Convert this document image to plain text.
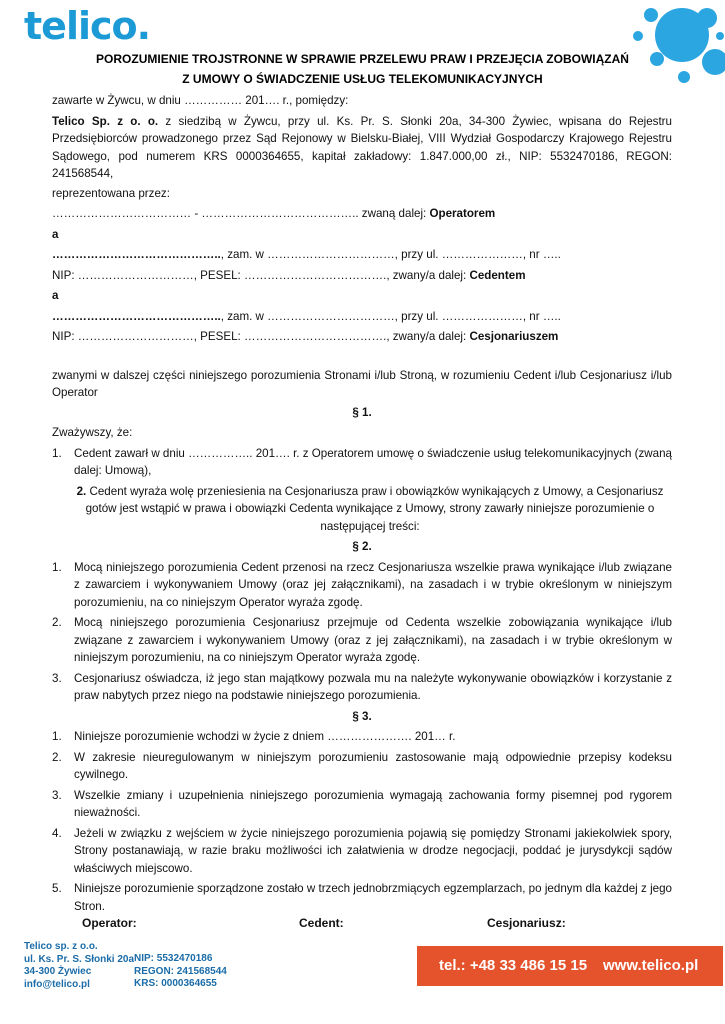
telico.
POROZUMIENIE TROJSTRONNE W SPRAWIE PRZELEWU PRAW I PRZEJĘCIA ZOBOWIĄZAŃ
Z UMOWY O ŚWIADCZENIE USŁUG TELEKOMUNIKACYJNYCH
zawarte w Żywcu, w dniu …………… 201…. r., pomiędzy:
Telico Sp. z o. o. z siedzibą w Żywcu, przy ul. Ks. Pr. S. Słonki 20a, 34-300 Żywiec, wpisana do Rejestru Przedsiębiorców prowadzonego przez Sąd Rejonowy w Bielsku-Białej, VIII Wydział Gospodarczy Krajowego Rejestru Sądowego, pod numerem KRS 0000364655, kapitał zakładowy: 1.847.000,00 zł., NIP: 5532470186, REGON: 241568544,
reprezentowana przez:
……………………………… - ………………………………….. zwaną dalej: Operatorem
a
…………………………………….., zam. w ……………………………, przy ul. …………………, nr …..
NIP: …………………………, PESEL: ………………………………., zwany/a dalej: Cedentem
a
…………………………………….., zam. w ……………………………, przy ul. …………………, nr …..
NIP: …………………………, PESEL: ………………………………., zwany/a dalej: Cesjonariuszem
zwanymi w dalszej części niniejszego porozumienia Stronami i/lub Stroną, w rozumieniu Cedent i/lub Cesjonariusz i/lub Operator
§ 1.
Zważywszy, że:
1. Cedent zawarł w dniu …………….. 201…. r. z Operatorem umowę o świadczenie usług telekomunikacyjnych (zwaną dalej: Umową),
2. Cedent wyraża wolę przeniesienia na Cesjonariusza praw i obowiązków wynikających z Umowy, a Cesjonariusz gotów jest wstąpić w prawa i obowiązki Cedenta wynikające z Umowy, strony zawarły niniejsze porozumienie o następującej treści:
§ 2.
1. Mocą niniejszego porozumienia Cedent przenosi na rzecz Cesjonariusza wszelkie prawa wynikające i/lub związane z zawarciem i wykonywaniem Umowy (oraz jej załącznikami), na zasadach i w trybie określonym w niniejszym porozumieniu, na co niniejszym Operator wyraża zgodę.
2. Mocą niniejszego porozumienia Cesjonariusz przejmuje od Cedenta wszelkie zobowiązania wynikające i/lub związane z zawarciem i wykonywaniem Umowy (oraz z jej załącznikami), na zasadach i w trybie określonym w niniejszym porozumieniu, na co niniejszym Operator wyraża zgodę.
3. Cesjonariusz oświadcza, iż jego stan majątkowy pozwala mu na należyte wykonywanie obowiązków i korzystanie z praw nabytych przez niego na podstawie niniejszego porozumienia.
§ 3.
1. Niniejsze porozumienie wchodzi w życie z dniem …………………. 201… r.
2. W zakresie nieuregulowanym w niniejszym porozumieniu zastosowanie mają odpowiednie przepisy kodeksu cywilnego.
3. Wszelkie zmiany i uzupełnienia niniejszego porozumienia wymagają zachowania formy pisemnej pod rygorem nieważności.
4. Jeżeli w związku z wejściem w życie niniejszego porozumienia pojawią się pomiędzy Stronami jakiekolwiek spory, Strony postanawiają, w razie braku możliwości ich załatwienia w drodze negocjacji, poddać je jurysdykcji sądów właściwych miejscowo.
5. Niniejsze porozumienie sporządzone zostało w trzech jednobrzmiących egzemplarzach, po jednym dla każdej z jego Stron.
Operator:	Cedent:	Cesjonariusz:
Telico sp. z o.o.
ul. Ks. Pr. S. Słonki 20a
34-300 Żywiec
info@telico.pl
NIP: 5532470186
REGON: 241568544
KRS: 0000364655
tel.: +48 33 486 15 15 www.telico.pl
